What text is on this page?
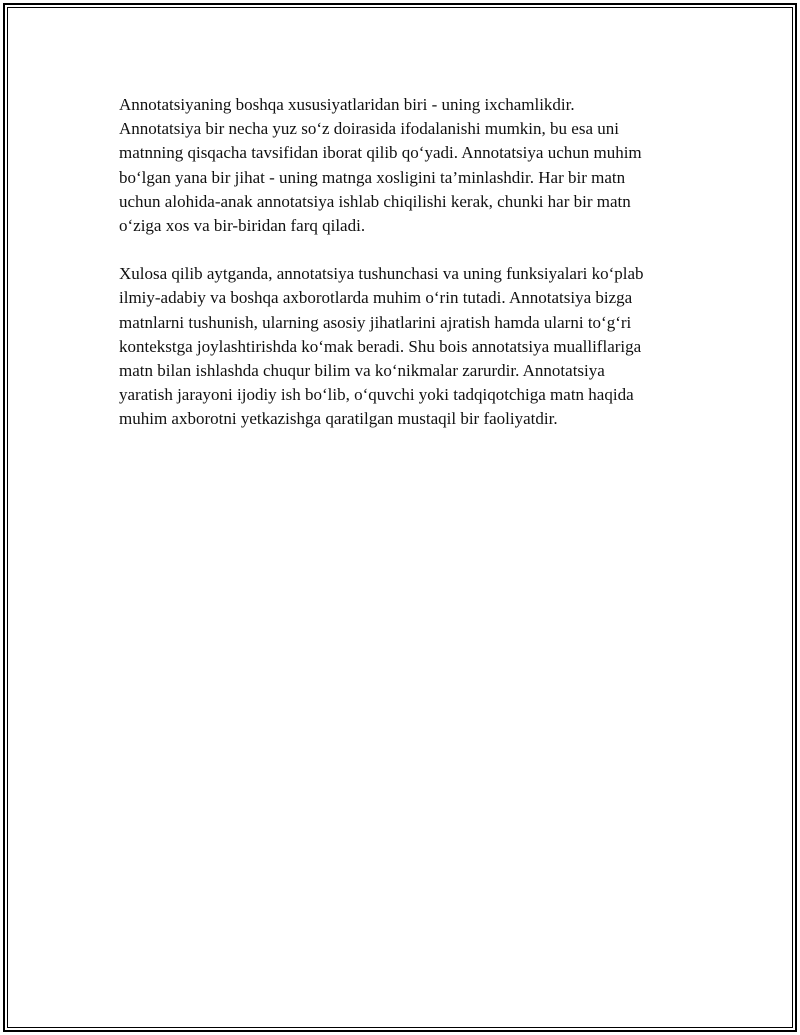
Annotatsiyaning boshqa xususiyatlaridan biri - uning ixchamlikdir.
Annotatsiya bir necha yuz so‘z doirasida ifodalanishi mumkin, bu esa uni
matnning qisqacha tavsifidan iborat qilib qo‘yadi. Annotatsiya uchun muhim
bo‘lgan yana bir jihat - uning matnga xosligini ta’minlashdir. Har bir matn
uchun alohida-anak annotatsiya ishlab chiqilishi kerak, chunki har bir matn
o‘ziga xos va bir-biridan farq qiladi.
Xulosa qilib aytganda, annotatsiya tushunchasi va uning funksiyalari ko‘plab
ilmiy-adabiy va boshqa axborotlarda muhim o‘rin tutadi. Annotatsiya bizga
matnlarni tushunish, ularning asosiy jihatlarini ajratish hamda ularni to‘g‘ri
kontekstga joylashtirishda ko‘mak beradi. Shu bois annotatsiya mualliflariga
matn bilan ishlashda chuqur bilim va ko‘nikmalar zarurdir. Annotatsiya
yaratish jarayoni ijodiy ish bo‘lib, o‘quvchi yoki tadqiqotchiga matn haqida
muhim axborotni yetkazishga qaratilgan mustaqil bir faoliyatdir.
